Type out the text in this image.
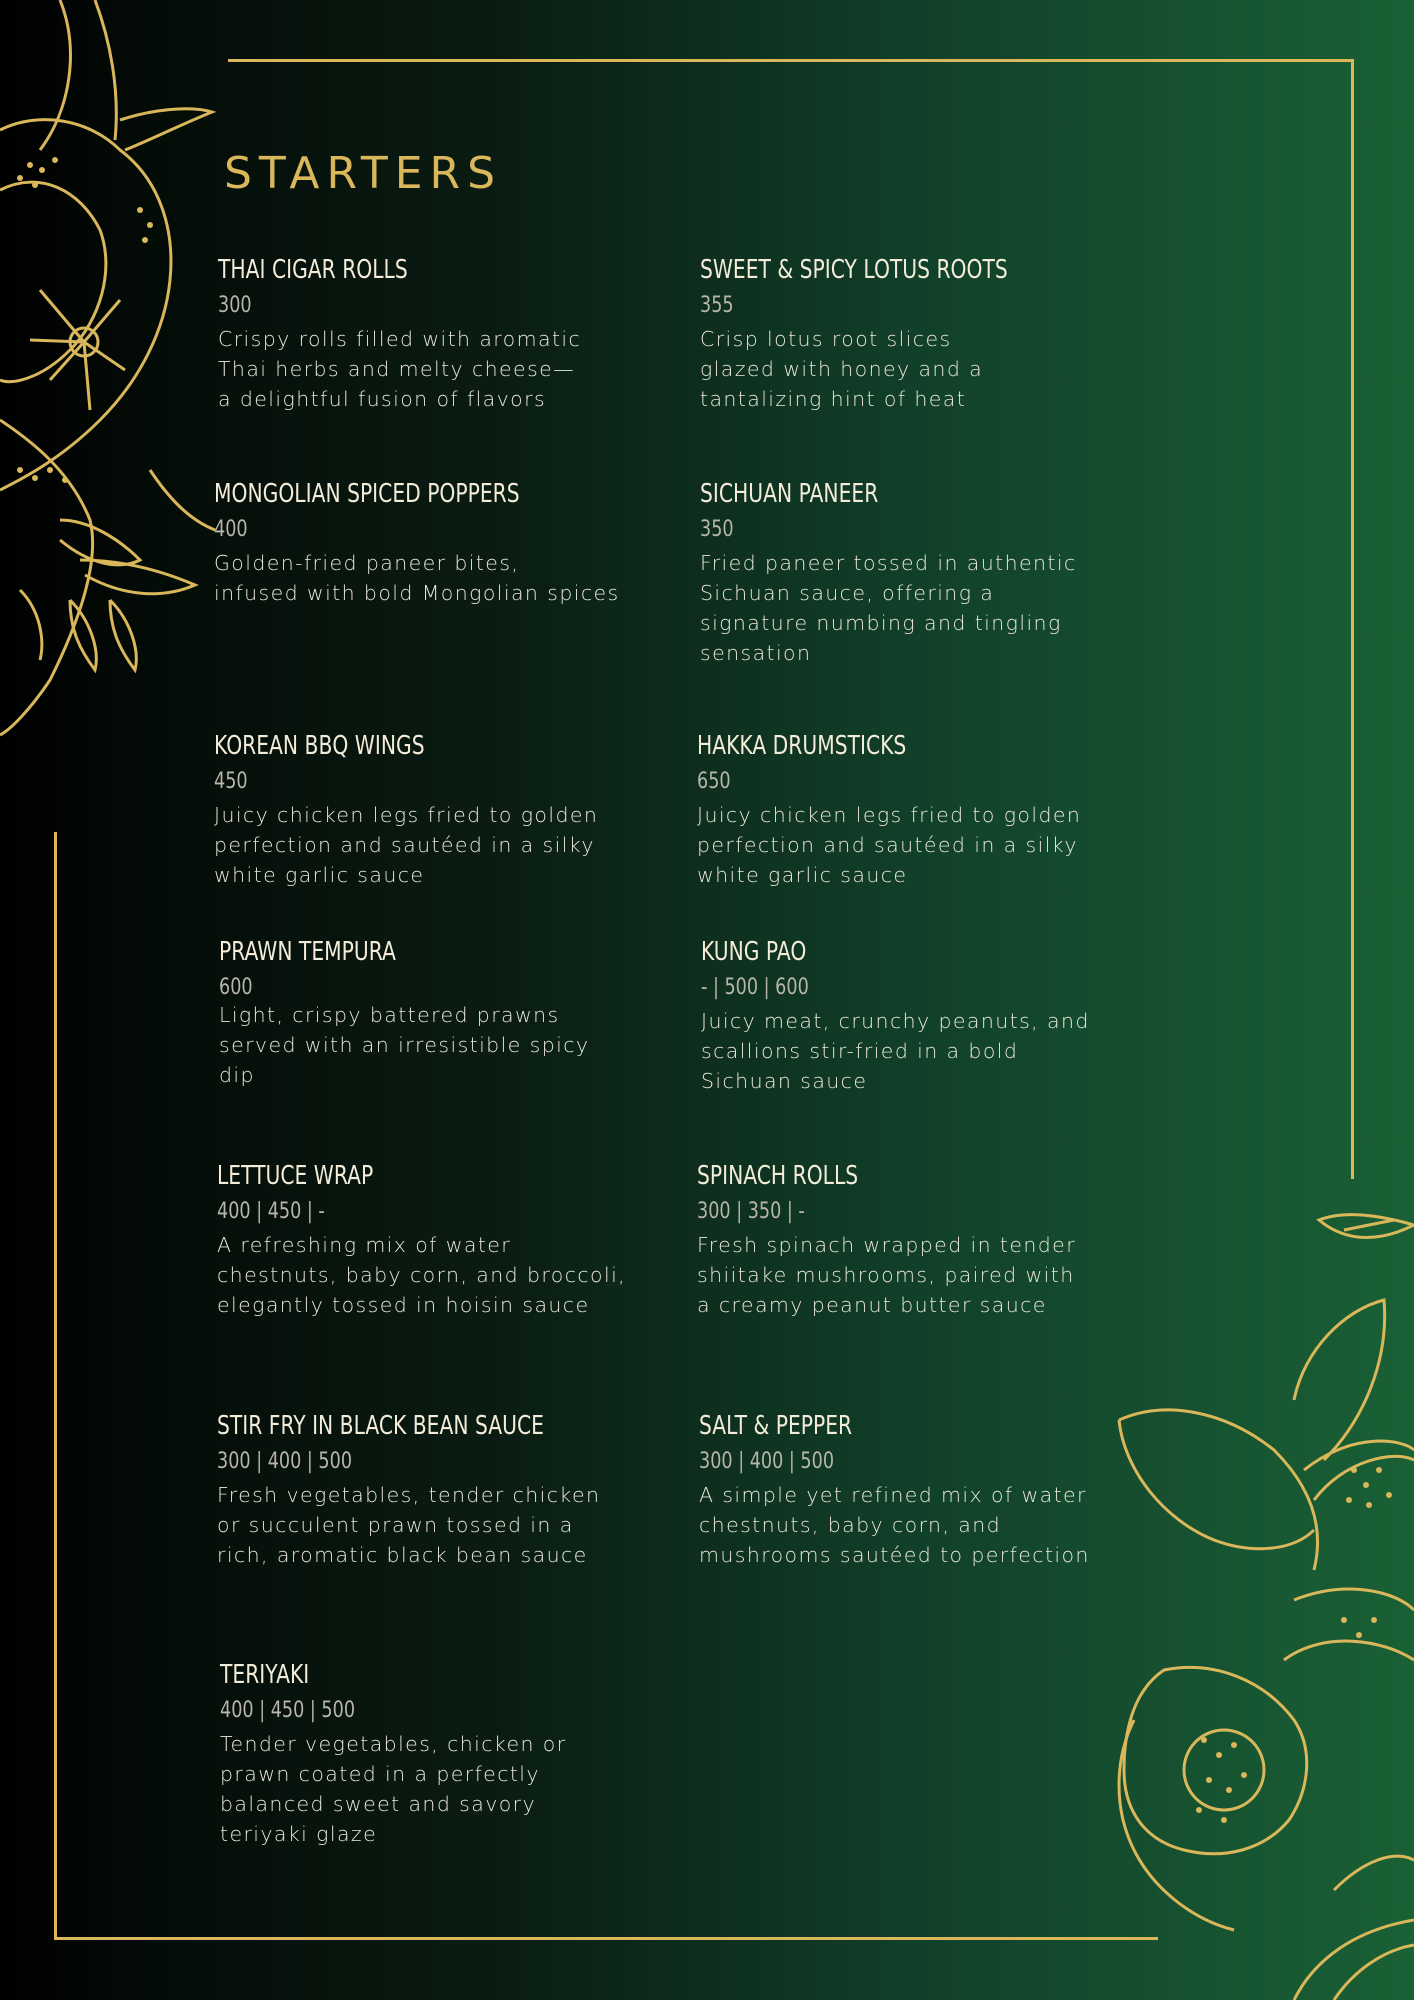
STARTERS
THAI CIGAR ROLLS
300
Crispy rolls filled with aromatic
Thai herbs and melty cheese—
a delightful fusion of flavors
SWEET & SPICY LOTUS ROOTS
355
Crisp lotus root slices
glazed with honey and a
tantalizing hint of heat
MONGOLIAN SPICED POPPERS
400
Golden-fried paneer bites,
infused with bold Mongolian spices
SICHUAN PANEER
350
Fried paneer tossed in authentic
Sichuan sauce, offering a
signature numbing and tingling
sensation
KOREAN BBQ WINGS
450
Juicy chicken legs fried to golden
perfection and sautéed in a silky
white garlic sauce
HAKKA DRUMSTICKS
650
Juicy chicken legs fried to golden
perfection and sautéed in a silky
white garlic sauce
PRAWN TEMPURA
600
Light, crispy battered prawns
served with an irresistible spicy
dip
KUNG PAO
- | 500 | 600
Juicy meat, crunchy peanuts, and
scallions stir-fried in a bold
Sichuan sauce
LETTUCE WRAP
400 | 450 | -
A refreshing mix of water
chestnuts, baby corn, and broccoli,
elegantly tossed in hoisin sauce
SPINACH ROLLS
300 | 350 | -
Fresh spinach wrapped in tender
shiitake mushrooms, paired with
a creamy peanut butter sauce
STIR FRY IN BLACK BEAN SAUCE
300 | 400 | 500
Fresh vegetables, tender chicken
or succulent prawn tossed in a
rich, aromatic black bean sauce
SALT & PEPPER
300 | 400 | 500
A simple yet refined mix of water
chestnuts, baby corn, and
mushrooms sautéed to perfection
TERIYAKI
400 | 450 | 500
Tender vegetables, chicken or
prawn coated in a perfectly
balanced sweet and savory
teriyaki glaze
